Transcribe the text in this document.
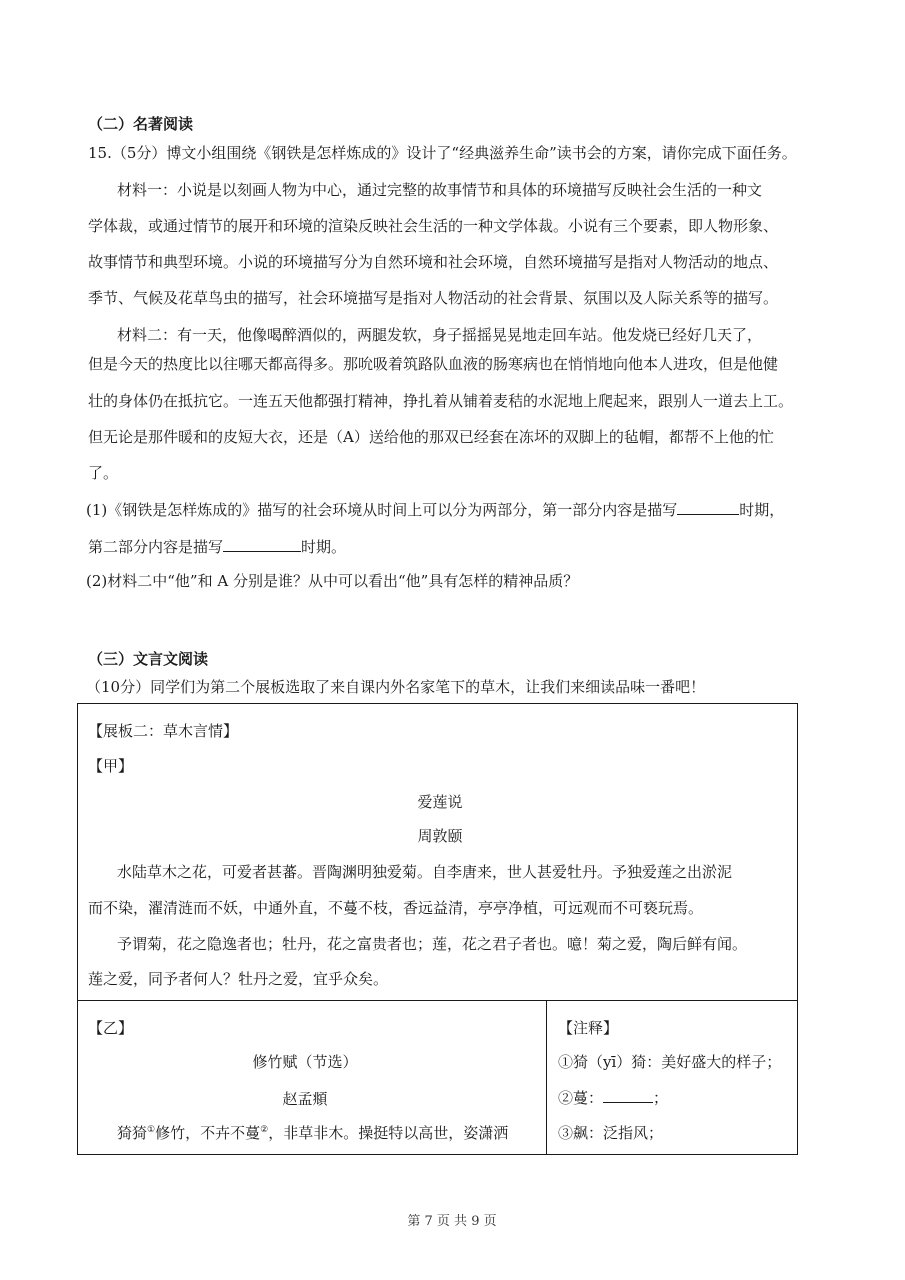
（二）名著阅读
15.（5分）博文小组围绕《钢铁是怎样炼成的》设计了“经典滋养生命”读书会的方案，请你完成下面任务。
材料一：小说是以刻画人物为中心，通过完整的故事情节和具体的环境描写反映社会生活的一种文
学体裁，或通过情节的展开和环境的渲染反映社会生活的一种文学体裁。小说有三个要素，即人物形象、
故事情节和典型环境。小说的环境描写分为自然环境和社会环境，自然环境描写是指对人物活动的地点、
季节、气候及花草鸟虫的描写，社会环境描写是指对人物活动的社会背景、氛围以及人际关系等的描写。
材料二：有一天，他像喝醉酒似的，两腿发软，身子摇摇晃晃地走回车站。他发烧已经好几天了，
但是今天的热度比以往哪天都高得多。那吮吸着筑路队血液的肠寒病也在悄悄地向他本人进攻，但是他健
壮的身体仍在抵抗它。一连五天他都强打精神，挣扎着从铺着麦秸的水泥地上爬起来，跟别人一道去上工。
但无论是那件暖和的皮短大衣，还是（A）送给他的那双已经套在冻坏的双脚上的毡帽，都帮不上他的忙
了。
(1)《钢铁是怎样炼成的》描写的社会环境从时间上可以分为两部分，第一部分内容是描写	时期，
第二部分内容是描写	时期。
(2)材料二中“他”和 A 分别是谁？从中可以看出“他”具有怎样的精神品质？
（三）文言文阅读
（10分）同学们为第二个展板选取了来自课内外名家笔下的草木，让我们来细读品味一番吧！
【展板二：草木言情】
【甲】
爱莲说
周敦颐
水陆草木之花，可爱者甚蕃。晋陶渊明独爱菊。自李唐来，世人甚爱牡丹。予独爱莲之出淤泥
而不染，濯清涟而不妖，中通外直，不蔓不枝，香远益清，亭亭净植，可远观而不可亵玩焉。
予谓菊，花之隐逸者也；牡丹，花之富贵者也；莲，花之君子者也。噫！菊之爱，陶后鲜有闻。
莲之爱，同予者何人？牡丹之爱，宜乎众矣。
【乙】
修竹赋（节选）
赵孟頫
猗猗①修竹，不卉不蔓②，非草非木。操挺特以高世，姿潇洒
【注释】
①猗（yī）猗：美好盛大的样子；
②蔓：	；
③飙：泛指风；
第 7 页 共 9 页
